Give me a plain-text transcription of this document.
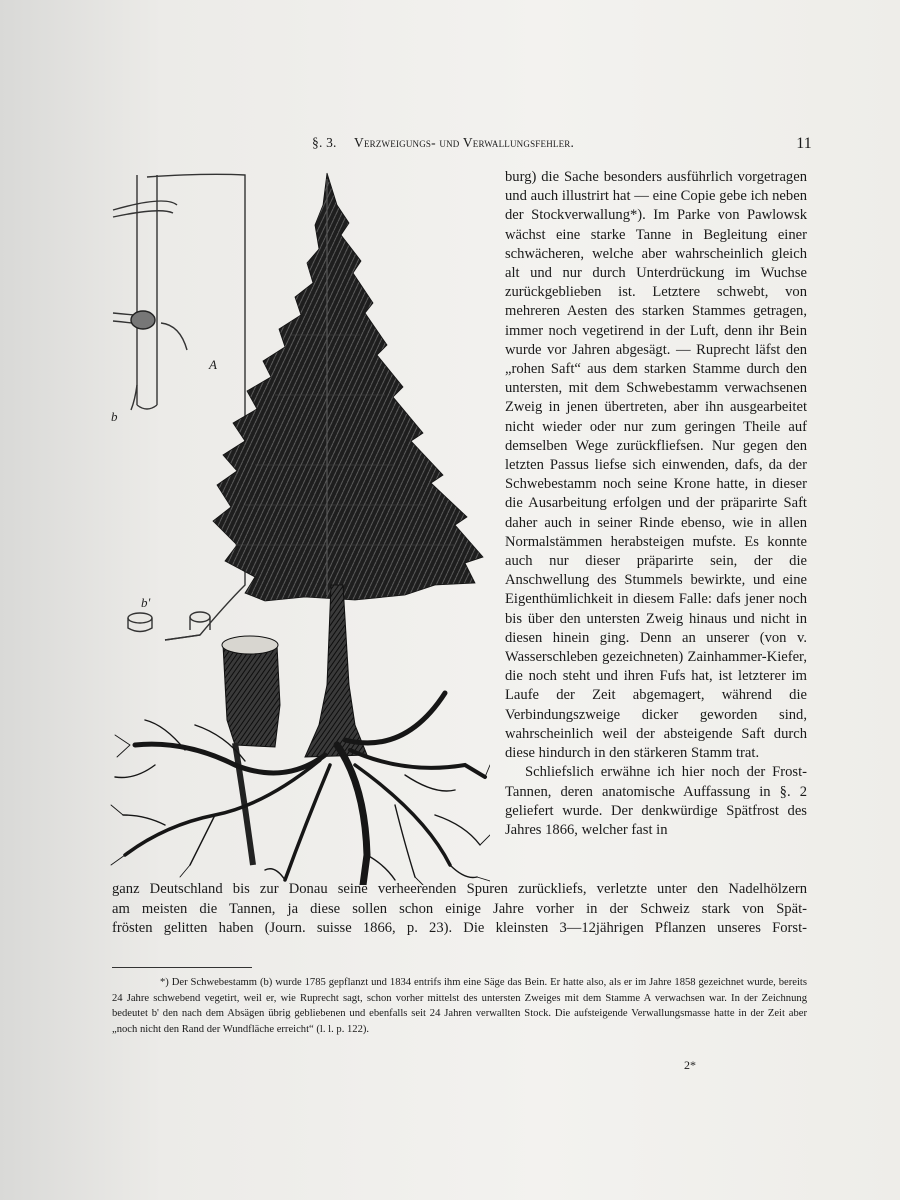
§. 3. Verzweigungs- und Verwallungsfehler.	11
A
b
b'

burg) die Sache besonders ausführlich vorgetragen und auch illustrirt hat — eine Copie gebe ich neben der Stockverwallung*). Im Parke von Pawlowsk wächst eine starke Tanne in Begleitung einer schwächeren, welche aber wahrscheinlich gleich alt und nur durch Unterdrückung im Wuchse zurückgeblieben ist. Letztere schwebt, von mehreren Aesten des starken Stammes getragen, immer noch vegetirend in der Luft, denn ihr Bein wurde vor Jahren abgesägt. — Ruprecht läfst den „rohen Saft“ aus dem starken Stamme durch den untersten, mit dem Schwebestamm verwachsenen Zweig in jenen übertreten, aber ihn ausgearbeitet nicht wieder oder nur zum geringen Theile auf demselben Wege zurückfliefsen. Nur gegen den letzten Passus liefse sich einwenden, dafs, da der Schwebestamm noch seine Krone hatte, in dieser die Ausarbeitung erfolgen und der präparirte Saft daher auch in seiner Rinde ebenso, wie in allen Normalstämmen herabsteigen mufste. Es konnte auch nur dieser präparirte sein, der die Anschwellung des Stummels bewirkte, und eine Eigenthümlichkeit in diesem Falle: dafs jener noch bis über den untersten Zweig hinaus und nicht in diesen hinein ging. Denn an unserer (von v. Wasserschleben gezeichneten) Zainhammer-Kiefer, die noch steht und ihren Fufs hat, ist letzterer im Laufe der Zeit abgemagert, während die Verbindungszweige dicker geworden sind, wahrscheinlich weil der absteigende Saft durch diese hindurch in den stärkeren Stamm trat.

Schliefslich erwähne ich hier noch der Frost-Tannen, deren anatomische Auffassung in §. 2 geliefert wurde. Der denkwürdige Spätfrost des Jahres 1866, welcher fast in

ganz Deutschland bis zur Donau seine verheerenden Spuren zurückliefs, verletzte unter den Nadelhölzern
am meisten die Tannen, ja diese sollen schon einige Jahre vorher in der Schweiz stark von Spät-
frösten gelitten haben (Journ. suisse 1866, p. 23). Die kleinsten 3—12jährigen Pflanzen unseres Forst-
*) Der Schwebestamm (b) wurde 1785 gepflanzt und 1834 entrifs ihm eine Säge das Bein. Er hatte also, als er im Jahre 1858 gezeichnet wurde, bereits 24 Jahre schwebend vegetirt, weil er, wie Ruprecht sagt, schon vorher mittelst des untersten Zweiges mit dem Stamme A verwachsen war. In der Zeichnung bedeutet b' den nach dem Absägen übrig gebliebenen und ebenfalls seit 24 Jahren verwallten Stock. Die aufsteigende Verwallungsmasse hatte in der Zeit aber „noch nicht den Rand der Wundfläche erreicht“ (l. l. p. 122).
2*
